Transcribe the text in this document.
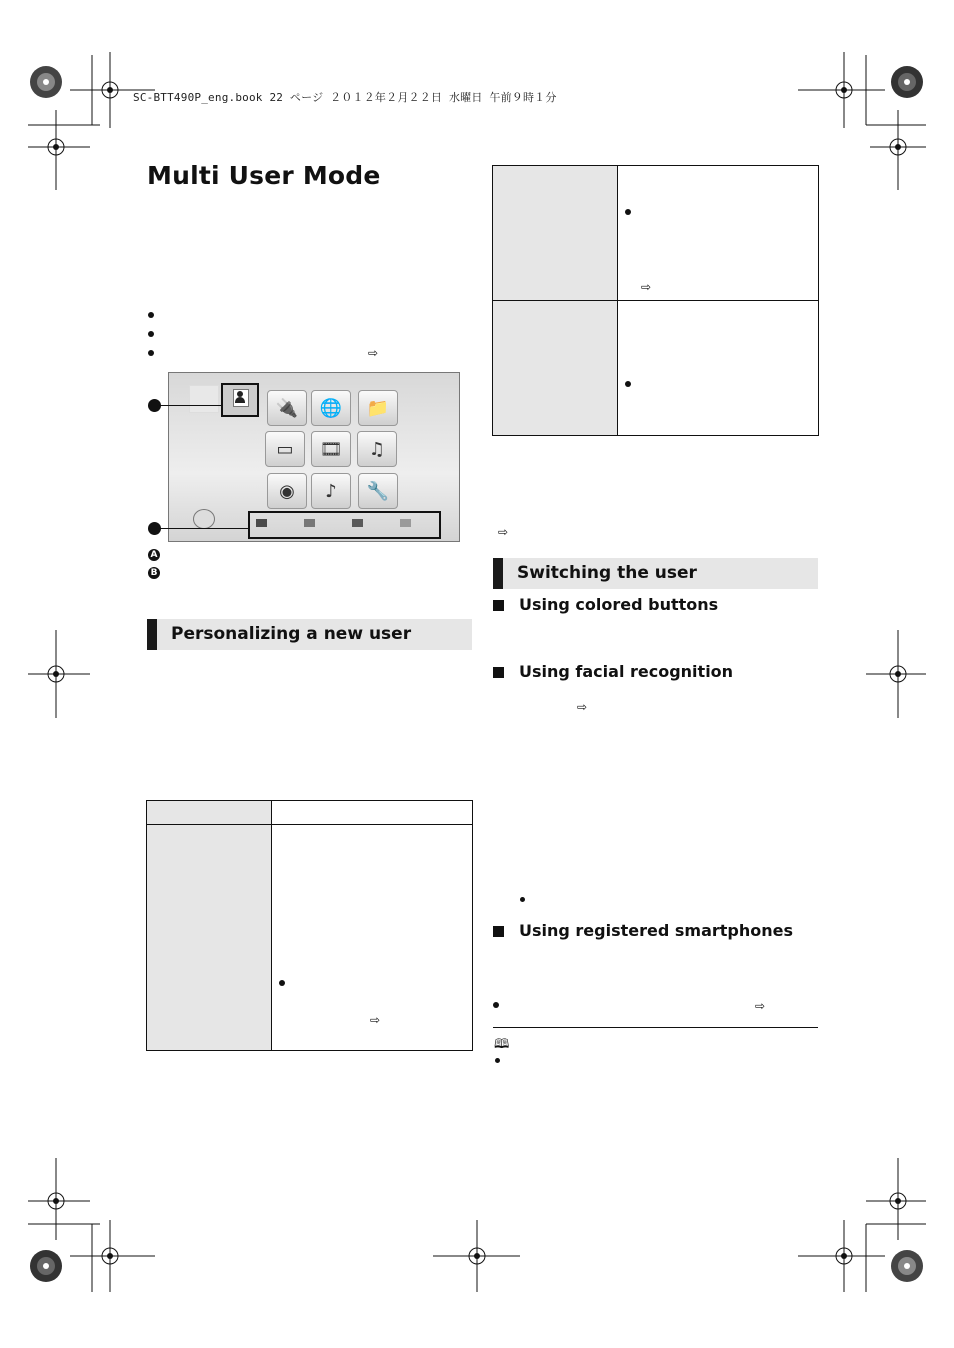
SC-BTT490P_eng.book 22 ページ ２０１２年２月２２日 水曜日 午前９時１分
Multi User Mode
⇨
🔌	🌐	📁
▭	🎞	♫
◉	♪	🔧
A
B
Personalizing a new user

	⇨

	⇨

⇨
Switching the user
Using colored buttons
Using facial recognition
⇨
Using registered smartphones
⇨
🕮
